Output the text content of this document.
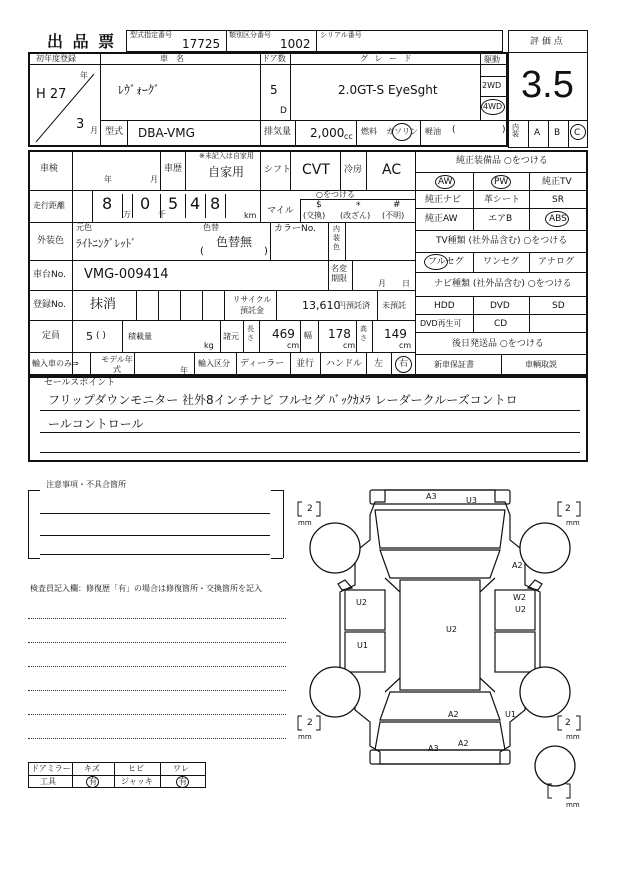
出 品 票 型式指定番号
17725
類別区分番号
1002
シリアル番号
評 価 点
3.5
初年度登録
H 27
年
3 月
車　名
ﾚｳﾞｫｰｸﾞ
ドア数
5
D
グ レ ー ド
2.0GT-S EyeSght
駆動
2WD
4WD
型式 DBA-VMG	排気量 2,000 cc
燃料 ガソリン 軽油 (	) 内装	A B C
車検
年	月
車歴
※未記入は自家用
自家用 シフト CVT 冷房 AC
走行距離 8
万
0
千
5 4 8
km
○をつける
マイル
$
(交換)
*
(改ざん)
#
(不明)
外装色
元色	色替
ﾗｲﾄﾆﾝｸﾞﾚｯﾄﾞ	色替無
(	)
カラーNo. 内装色
車台No. VMG-009414	名変期限
月 日
登録No. 抹消	リサイクル預託金	13,610
円預託済 未預託
定員 5 ( )	積載量
kg
諸元
長さ 469
cm
幅 178
cm
高さ 149
cm
輸入車のみ⇒	モデル年式	年
輸入区分 ディーラー 並行 ハンドル 左 右
純正装備品 ○をつける
AW	PW	純正TV
純正ナビ	革シート	SR
純正AW	エアB	ABS
TV種類 (社外品含む) ○をつける
フルセグ ワンセグ アナログ
ナビ種類 (社外品含む) ○をつける
HDD	DVD	SD
DVD再生可	CD
後日発送品 ○をつける
新車保証書	車輌取説
セールスポイント
フリップダウンモニター 社外8インチナビ フルセグ ﾊﾞｯｸｶﾒﾗ レーダークルーズコントロ
ールコントロール
注意事項・不具合箇所
検査員記入欄：修復歴「有」の場合は修復箇所・交換箇所を記入
ドアミラー キズ	ヒビ	ワレ
工具	有	ジャッキ	有
2
mm
2
mm
2
mm
2
mm
mm
A3	U3
A2
W2
U2
U2
U2
U1
A2	U1
A3
A2
